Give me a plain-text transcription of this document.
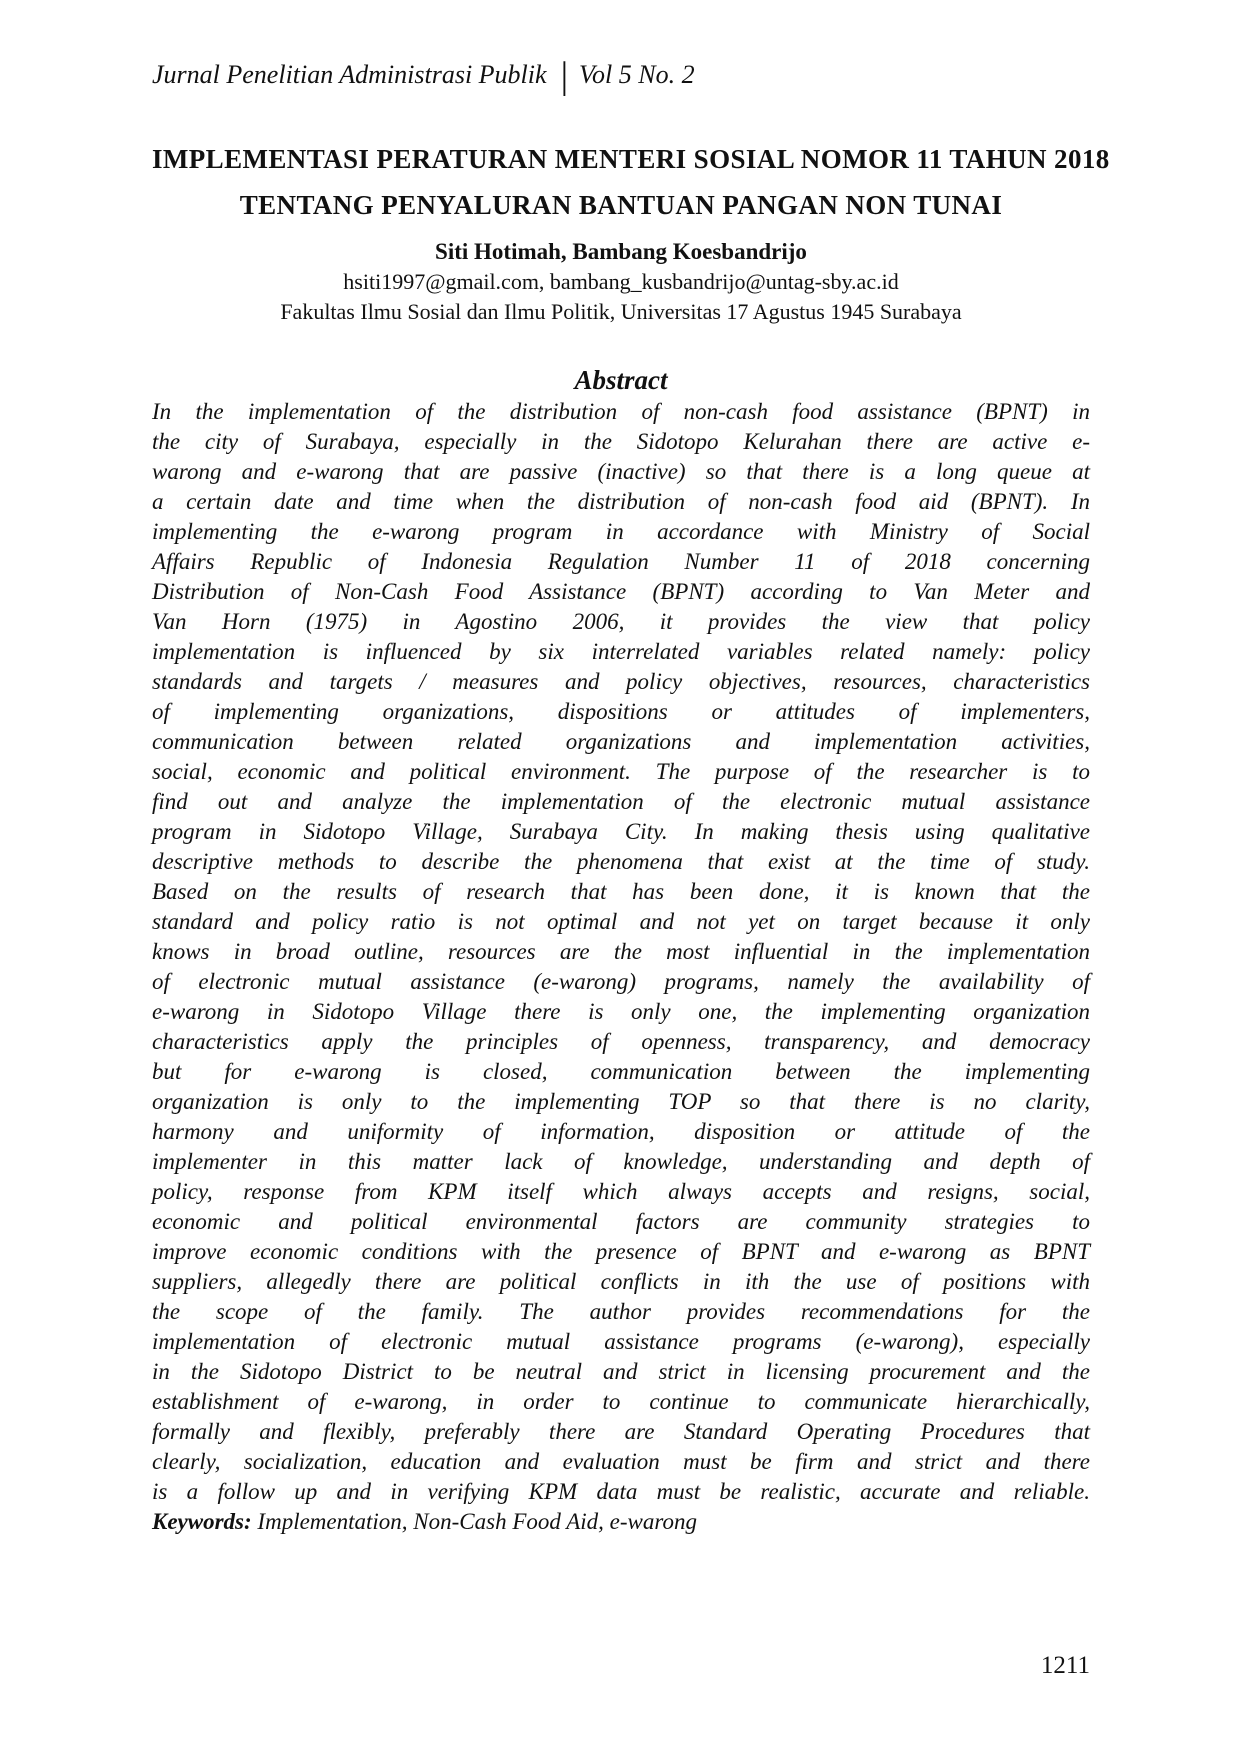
Jurnal Penelitian Administrasi Publik | Vol 5 No. 2
IMPLEMENTASI PERATURAN MENTERI SOSIAL NOMOR 11 TAHUN 2018
TENTANG PENYALURAN BANTUAN PANGAN NON TUNAI
Siti Hotimah, Bambang Koesbandrijo
hsiti1997@gmail.com, bambang_kusbandrijo@untag-sby.ac.id
Fakultas Ilmu Sosial dan Ilmu Politik, Universitas 17 Agustus 1945 Surabaya
Abstract
In the implementation of the distribution of non-cash food assistance (BPNT) in
the city of Surabaya, especially in the Sidotopo Kelurahan there are active e-
warong and e-warong that are passive (inactive) so that there is a long queue at
a certain date and time when the distribution of non-cash food aid (BPNT). In
implementing the e-warong program in accordance with Ministry of Social
Affairs Republic of Indonesia Regulation Number 11 of 2018 concerning
Distribution of Non-Cash Food Assistance (BPNT) according to Van Meter and
Van Horn (1975) in Agostino 2006, it provides the view that policy
implementation is influenced by six interrelated variables related namely: policy
standards and targets / measures and policy objectives, resources, characteristics
of implementing organizations, dispositions or attitudes of implementers,
communication between related organizations and implementation activities,
social, economic and political environment. The purpose of the researcher is to
find out and analyze the implementation of the electronic mutual assistance
program in Sidotopo Village, Surabaya City. In making thesis using qualitative
descriptive methods to describe the phenomena that exist at the time of study.
Based on the results of research that has been done, it is known that the
standard and policy ratio is not optimal and not yet on target because it only
knows in broad outline, resources are the most influential in the implementation
of electronic mutual assistance (e-warong) programs, namely the availability of
e-warong in Sidotopo Village there is only one, the implementing organization
characteristics apply the principles of openness, transparency, and democracy
but for e-warong is closed, communication between the implementing
organization is only to the implementing TOP so that there is no clarity,
harmony and uniformity of information, disposition or attitude of the
implementer in this matter lack of knowledge, understanding and depth of
policy, response from KPM itself which always accepts and resigns, social,
economic and political environmental factors are community strategies to
improve economic conditions with the presence of BPNT and e-warong as BPNT
suppliers, allegedly there are political conflicts in ith the use of positions with
the scope of the family. The author provides recommendations for the
implementation of electronic mutual assistance programs (e-warong), especially
in the Sidotopo District to be neutral and strict in licensing procurement and the
establishment of e-warong, in order to continue to communicate hierarchically,
formally and flexibly, preferably there are Standard Operating Procedures that
clearly, socialization, education and evaluation must be firm and strict and there
is a follow up and in verifying KPM data must be realistic, accurate and reliable.
Keywords: Implementation, Non-Cash Food Aid, e-warong
1211
